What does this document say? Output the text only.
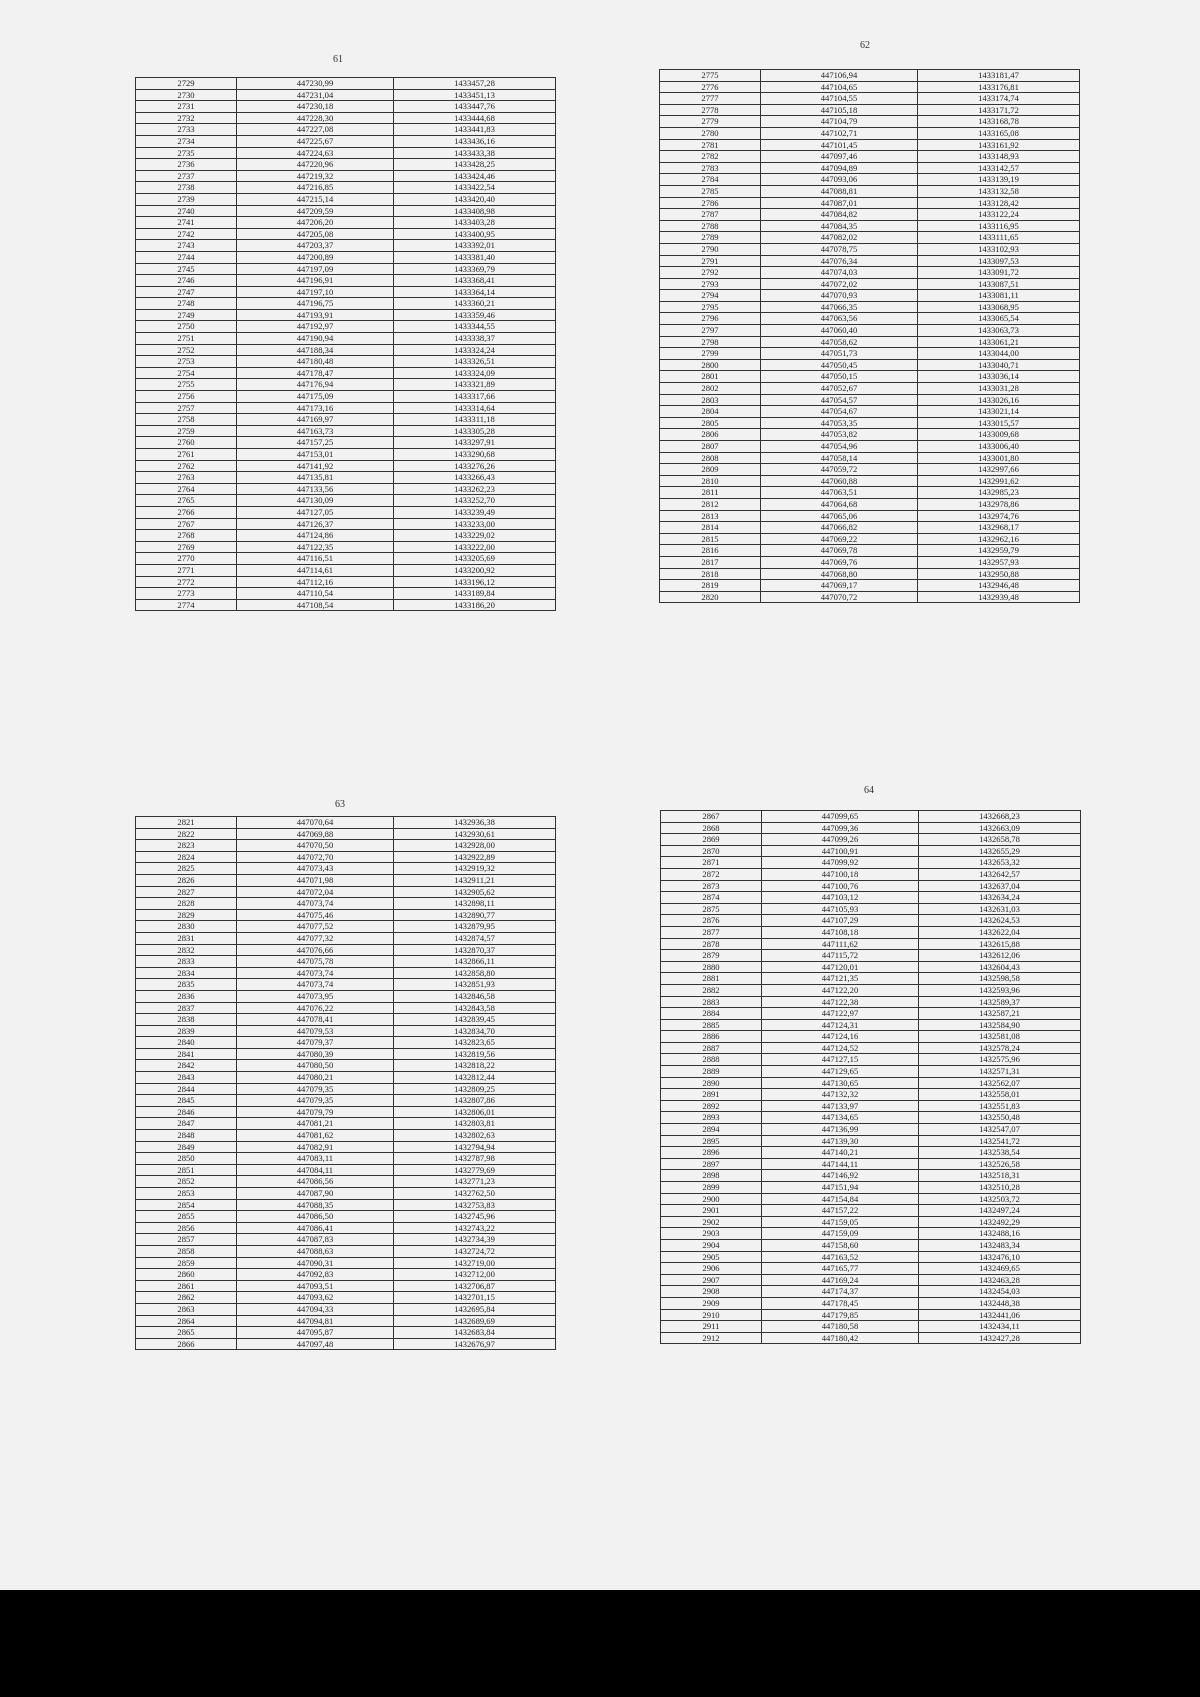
61
2729	447230,99	1433457,28
2730	447231,04	1433451,13
2731	447230,18	1433447,76
2732	447228,30	1433444,68
2733	447227,08	1433441,83
2734	447225,67	1433436,16
2735	447224,63	1433433,38
2736	447220,96	1433428,25
2737	447219,32	1433424,46
2738	447216,85	1433422,54
2739	447215,14	1433420,40
2740	447209,59	1433408,98
2741	447206,20	1433403,28
2742	447205,08	1433400,95
2743	447203,37	1433392,01
2744	447200,89	1433381,40
2745	447197,09	1433369,79
2746	447196,91	1433368,41
2747	447197,10	1433364,14
2748	447196,75	1433360,21
2749	447193,91	1433359,46
2750	447192,97	1433344,55
2751	447190,94	1433338,37
2752	447188,34	1433324,24
2753	447180,48	1433326,51
2754	447178,47	1433324,09
2755	447176,94	1433321,89
2756	447175,09	1433317,66
2757	447173,16	1433314,64
2758	447169,97	1433311,18
2759	447163,73	1433305,28
2760	447157,25	1433297,91
2761	447153,01	1433290,68
2762	447141,92	1433276,26
2763	447135,81	1433266,43
2764	447133,56	1433262,23
2765	447130,09	1433252,70
2766	447127,05	1433239,49
2767	447126,37	1433233,00
2768	447124,86	1433229,02
2769	447122,35	1433222,00
2770	447116,51	1433205,69
2771	447114,61	1433200,92
2772	447112,16	1433196,12
2773	447110,54	1433189,84
2774	447108,54	1433186,20
62
2775	447106,94	1433181,47
2776	447104,65	1433176,81
2777	447104,55	1433174,74
2778	447105,18	1433171,72
2779	447104,79	1433168,78
2780	447102,71	1433165,08
2781	447101,45	1433161,92
2782	447097,46	1433148,93
2783	447094,89	1433142,57
2784	447093,06	1433139,19
2785	447088,81	1433132,58
2786	447087,01	1433128,42
2787	447084,82	1433122,24
2788	447084,35	1433116,95
2789	447082,02	1433111,65
2790	447078,75	1433102,93
2791	447076,34	1433097,53
2792	447074,03	1433091,72
2793	447072,02	1433087,51
2794	447070,93	1433081,11
2795	447066,35	1433068,95
2796	447063,56	1433065,54
2797	447060,40	1433063,73
2798	447058,62	1433061,21
2799	447051,73	1433044,00
2800	447050,45	1433040,71
2801	447050,15	1433036,14
2802	447052,67	1433031,28
2803	447054,57	1433026,16
2804	447054,67	1433021,14
2805	447053,35	1433015,57
2806	447053,82	1433009,68
2807	447054,96	1433006,40
2808	447058,14	1433001,80
2809	447059,72	1432997,66
2810	447060,88	1432991,62
2811	447063,51	1432985,23
2812	447064,68	1432978,86
2813	447065,06	1432974,76
2814	447066,82	1432968,17
2815	447069,22	1432962,16
2816	447069,78	1432959,79
2817	447069,76	1432957,93
2818	447068,80	1432950,88
2819	447069,17	1432946,48
2820	447070,72	1432939,48
63
2821	447070,64	1432936,38
2822	447069,88	1432930,61
2823	447070,50	1432928,00
2824	447072,70	1432922,89
2825	447073,43	1432919,32
2826	447071,98	1432911,21
2827	447072,04	1432905,62
2828	447073,74	1432898,11
2829	447075,46	1432890,77
2830	447077,52	1432879,95
2831	447077,32	1432874,57
2832	447076,66	1432870,37
2833	447075,78	1432866,11
2834	447073,74	1432858,80
2835	447073,74	1432851,93
2836	447073,95	1432846,58
2837	447076,22	1432843,58
2838	447078,41	1432839,45
2839	447079,53	1432834,70
2840	447079,37	1432823,65
2841	447080,39	1432819,56
2842	447080,50	1432818,22
2843	447080,21	1432812,44
2844	447079,35	1432809,25
2845	447079,35	1432807,86
2846	447079,79	1432806,01
2847	447081,21	1432803,81
2848	447081,62	1432802,63
2849	447082,91	1432794,94
2850	447083,11	1432787,98
2851	447084,11	1432779,69
2852	447086,56	1432771,23
2853	447087,90	1432762,50
2854	447088,35	1432753,83
2855	447086,50	1432745,96
2856	447086,41	1432743,22
2857	447087,83	1432734,39
2858	447088,63	1432724,72
2859	447090,31	1432719,00
2860	447092,83	1432712,00
2861	447093,51	1432706,87
2862	447093,62	1432701,15
2863	447094,33	1432695,84
2864	447094,81	1432689,69
2865	447095,87	1432683,84
2866	447097,48	1432676,97
64
2867	447099,65	1432668,23
2868	447099,36	1432663,09
2869	447099,26	1432658,78
2870	447100,91	1432655,29
2871	447099,92	1432653,32
2872	447100,18	1432642,57
2873	447100,76	1432637,04
2874	447103,12	1432634,24
2875	447105,93	1432631,03
2876	447107,29	1432624,53
2877	447108,18	1432622,04
2878	447111,62	1432615,88
2879	447115,72	1432612,06
2880	447120,01	1432604,43
2881	447121,35	1432598,58
2882	447122,20	1432593,96
2883	447122,38	1432589,37
2884	447122,97	1432587,21
2885	447124,31	1432584,90
2886	447124,16	1432581,08
2887	447124,52	1432578,24
2888	447127,15	1432575,96
2889	447129,65	1432571,31
2890	447130,65	1432562,07
2891	447132,32	1432558,01
2892	447133,97	1432551,83
2893	447134,65	1432550,48
2894	447136,99	1432547,07
2895	447139,30	1432541,72
2896	447140,21	1432538,54
2897	447144,11	1432526,58
2898	447146,92	1432518,31
2899	447151,94	1432510,28
2900	447154,84	1432503,72
2901	447157,22	1432497,24
2902	447159,05	1432492,29
2903	447159,09	1432488,16
2904	447158,60	1432483,34
2905	447163,52	1432476,10
2906	447165,77	1432469,65
2907	447169,24	1432463,28
2908	447174,37	1432454,03
2909	447178,45	1432448,38
2910	447179,85	1432441,06
2911	447180,58	1432434,11
2912	447180,42	1432427,28
